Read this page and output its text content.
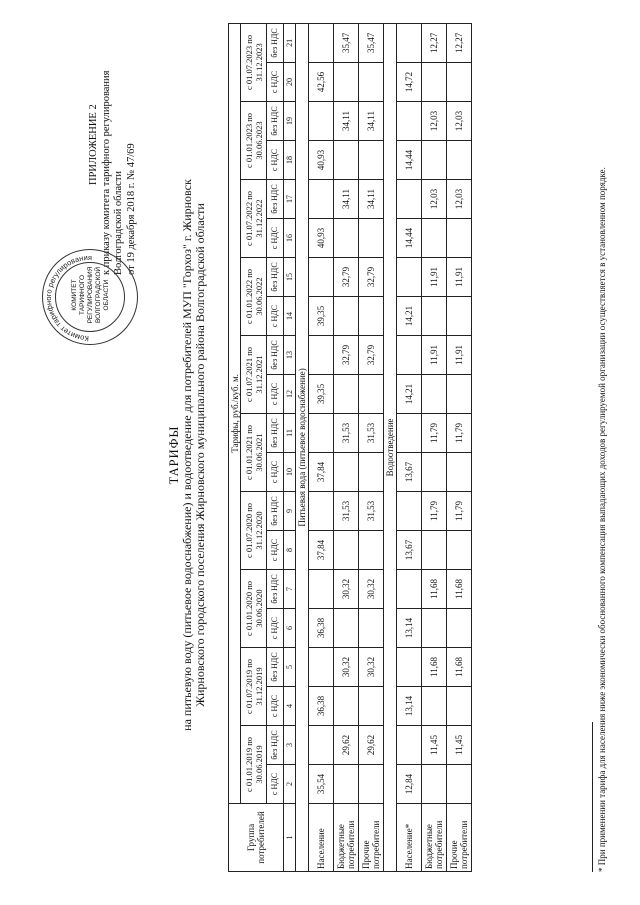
ПРИЛОЖЕНИЕ 2 к приказу комитета тарифного регулирования Волгоградской области от 19 декабря 2018 г. № 47/69
Комитет тарифного регулирования
КОМИТЕТ ТАРИФНОГО РЕГУЛИРОВАНИЯ ВОЛГОГРАДСКОЙ ОБЛАСТИ
ТАРИФЫ на питьевую воду (питьевое водоснабжение) и водоотведение для потребителей МУП "Горхоз" г. Жирновск Жирновского городского поселения Жирновского муниципального района Волгоградской области
Группа потребителей	Тарифы, руб./куб. м.																			
	с 01.01.2019 по 30.06.2019		с 01.07.2019 по 31.12.2019		с 01.01.2020 по 30.06.2020		с 01.07.2020 по 31.12.2020		с 01.01.2021 по 30.06.2021		с 01.07.2021 по 31.12.2021		с 01.01.2022 по 30.06.2022		с 01.07.2022 по 31.12.2022		с 01.01.2023 по 30.06.2023		с 01.07.2023 по 31.12.2023	
	с НДС	без НДС	с НДС	без НДС	с НДС	без НДС	с НДС	без НДС	с НДС	без НДС	с НДС	без НДС	с НДС	без НДС	с НДС	без НДС	с НДС	без НДС	с НДС	без НДС
1	2	3	4	5	6	7	8	9	10	11	12	13	14	15	16	17	18	19	20	21
Питьевая вода (питьевое водоснабжение)																				
Население	35,54		36,38		36,38		37,84		37,84		39,35		39,35		40,93		40,93		42,56	
Бюджетные потребители		29,62		30,32		30,32		31,53		31,53		32,79		32,79		34,11		34,11		35,47
Прочие потребители		29,62		30,32		30,32		31,53		31,53		32,79		32,79		34,11		34,11		35,47
Водоотведение																				
Население*	12,84		13,14		13,14		13,67		13,67		14,21		14,21		14,44		14,44		14,72	
Бюджетные потребители		11,45		11,68		11,68		11,79		11,79		11,91		11,91		12,03		12,03		12,27
Прочие потребители		11,45		11,68		11,68		11,79		11,79		11,91		11,91		12,03		12,03		12,27
* При применении тарифа для населения ниже экономически обоснованного компенсация выпадающих доходов регулируемой организации осуществляется в установленном порядке.
